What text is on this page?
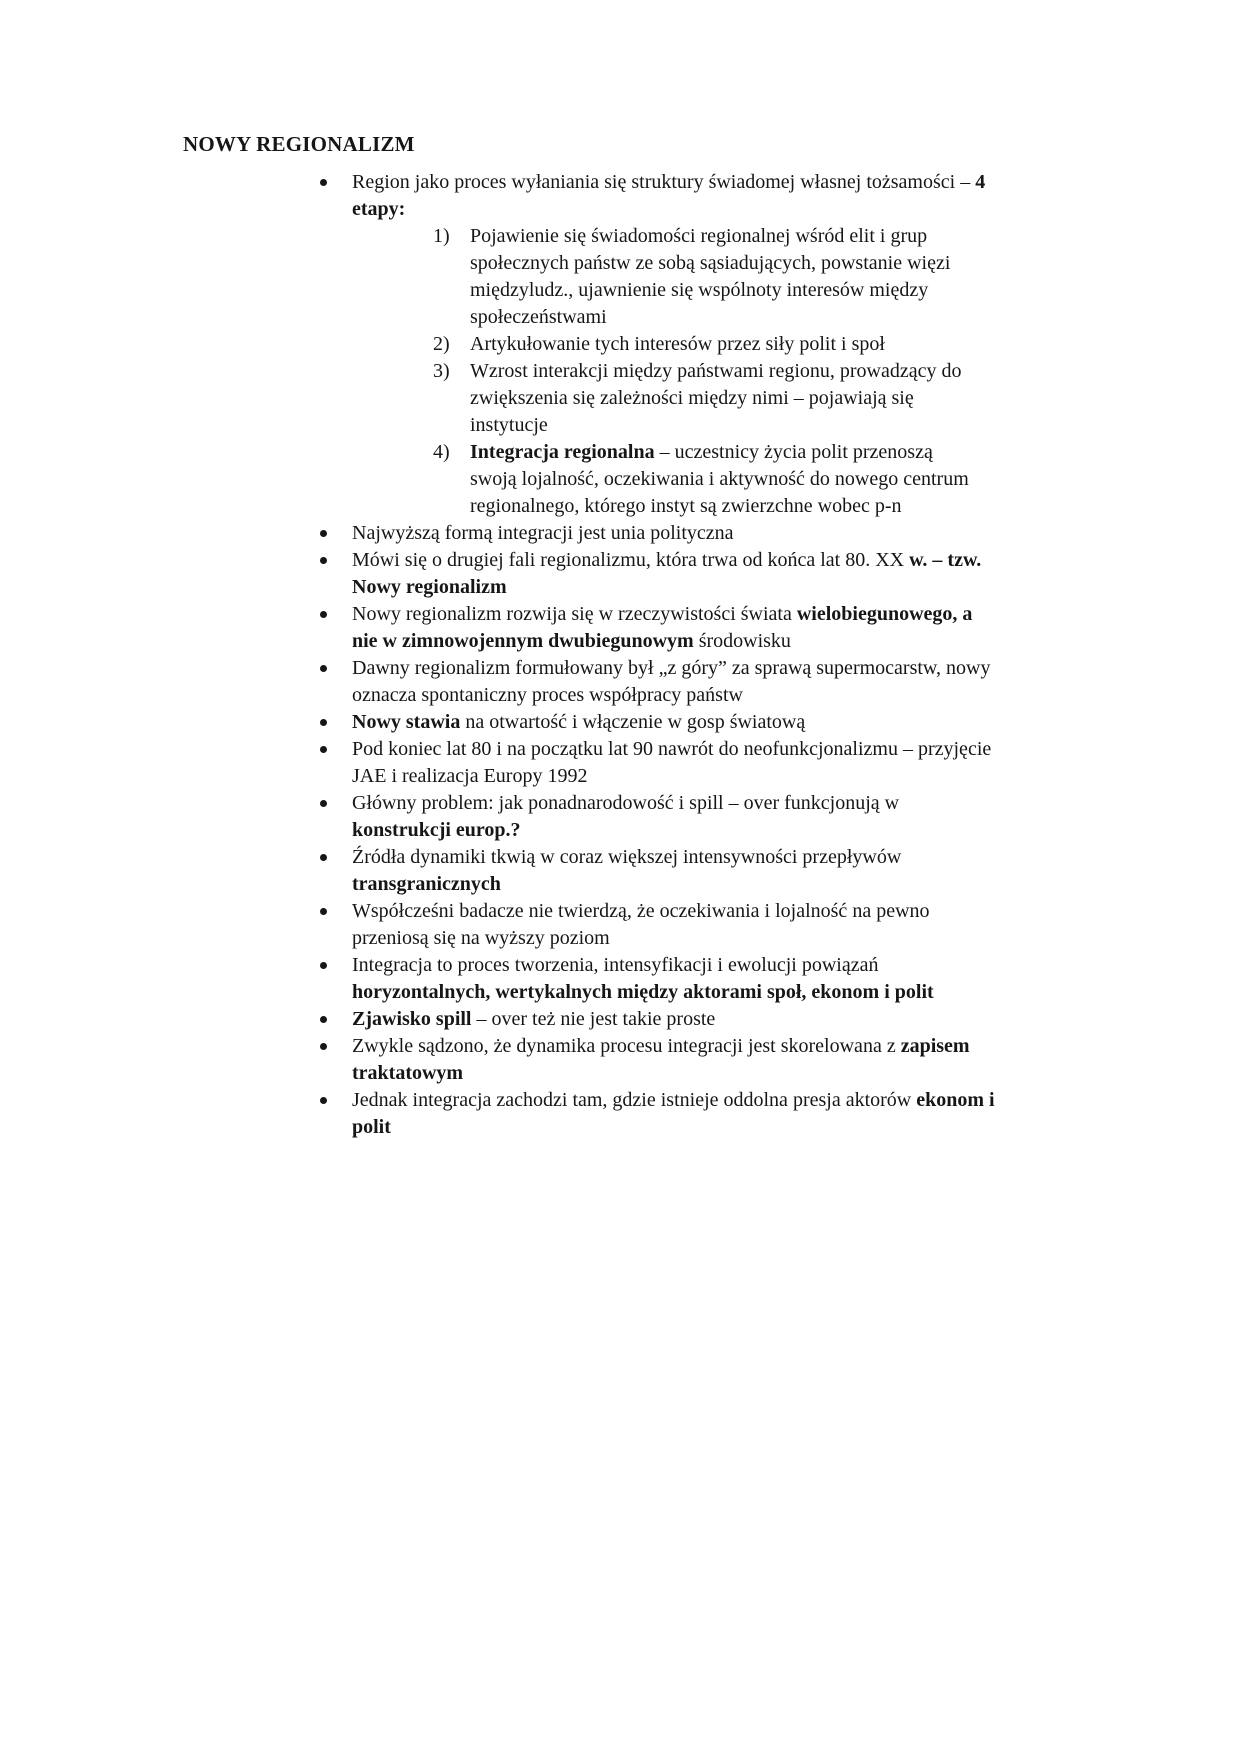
NOWY REGIONALIZM
Region jako proces wyłaniania się struktury świadomej własnej tożsamości – 4 etapy:
1)	Pojawienie się świadomości regionalnej wśród elit i grup społecznych państw ze sobą sąsiadujących, powstanie więzi międzyludz., ujawnienie się wspólnoty interesów między społeczeństwami
2)	Artykułowanie tych interesów przez siły polit i społ
3)	Wzrost interakcji między państwami regionu, prowadzący do zwiększenia się zależności między nimi – pojawiają się instytucje
4)	Integracja regionalna – uczestnicy życia polit przenoszą swoją lojalność, oczekiwania i aktywność do nowego centrum regionalnego, którego instyt są zwierzchne wobec p-n
Najwyższą formą integracji jest unia polityczna
Mówi się o drugiej fali regionalizmu, która trwa od końca lat 80. XX w. – tzw. Nowy regionalizm
Nowy regionalizm rozwija się w rzeczywistości świata wielobiegunowego, a nie w zimnowojennym dwubiegunowym środowisku
Dawny regionalizm formułowany był „z góry” za sprawą supermocarstw, nowy oznacza spontaniczny proces współpracy państw
Nowy stawia na otwartość i włączenie w gosp światową
Pod koniec lat 80 i na początku lat 90 nawrót do neofunkcjonalizmu – przyjęcie JAE i realizacja Europy 1992
Główny problem: jak ponadnarodowość i spill – over funkcjonują w konstrukcji europ.?
Źródła dynamiki tkwią w coraz większej intensywności przepływów transgranicznych
Współcześni badacze nie twierdzą, że oczekiwania i lojalność na pewno przeniosą się na wyższy poziom
Integracja to proces tworzenia, intensyfikacji i ewolucji powiązań horyzontalnych, wertykalnych między aktorami społ, ekonom i polit
Zjawisko spill – over też nie jest takie proste
Zwykle sądzono, że dynamika procesu integracji jest skorelowana z zapisem traktatowym
Jednak integracja zachodzi tam, gdzie istnieje oddolna presja aktorów ekonom i polit
